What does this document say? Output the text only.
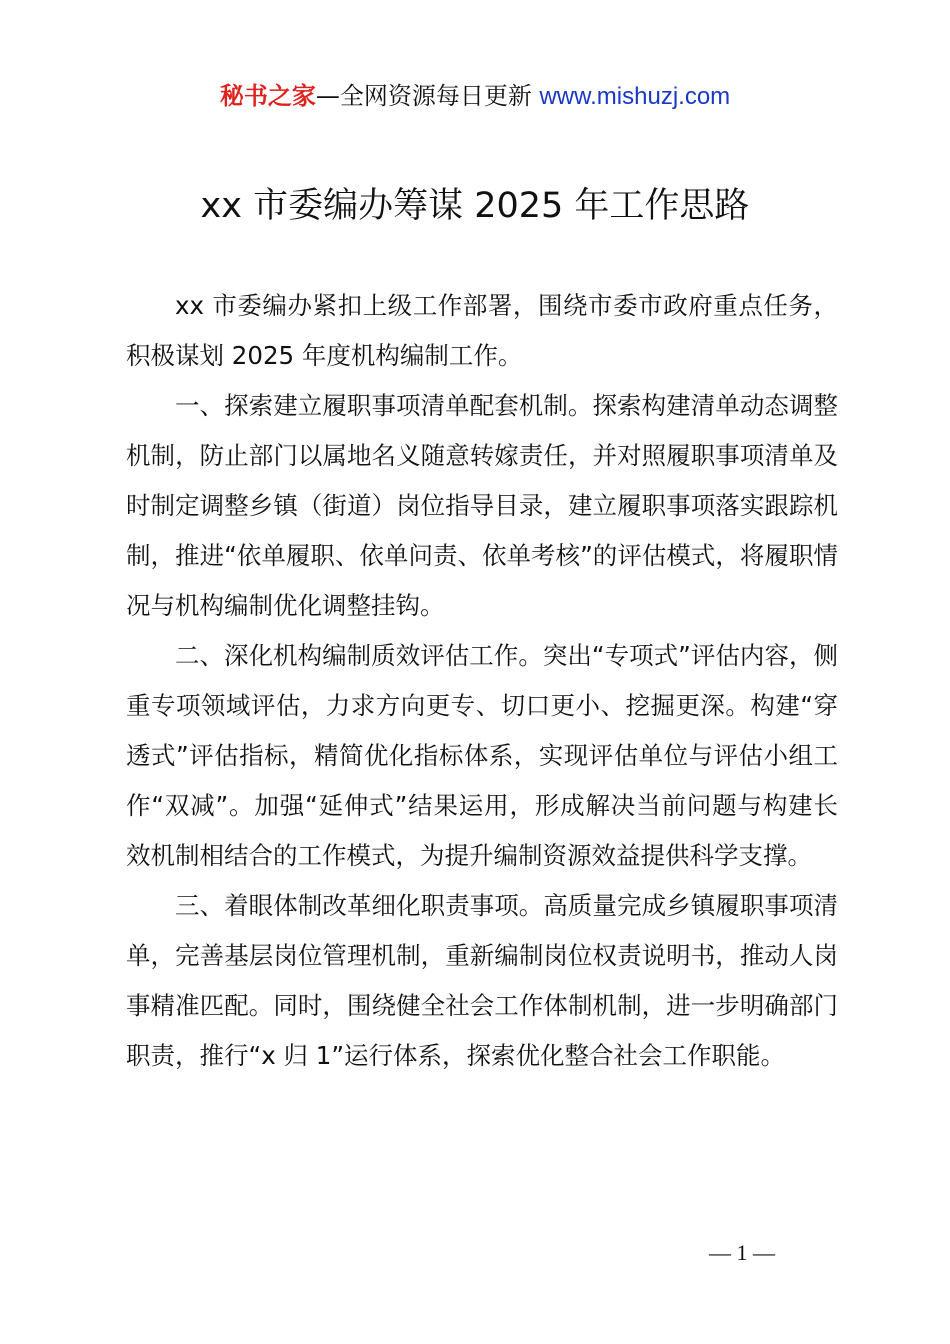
秘书之家—全网资源每日更新 www.mishuzj.com
xx 市委编办筹谋 2025 年工作思路

xx 市委编办紧扣上级工作部署，围绕市委市政府重点任务，积极谋划 2025 年度机构编制工作。

一、探索建立履职事项清单配套机制。探索构建清单动态调整机制，防止部门以属地名义随意转嫁责任，并对照履职事项清单及时制定调整乡镇（街道）岗位指导目录，建立履职事项落实跟踪机制，推进“依单履职、依单问责、依单考核”的评估模式，将履职情况与机构编制优化调整挂钩。

二、深化机构编制质效评估工作。突出“专项式”评估内容，侧重专项领域评估，力求方向更专、切口更小、挖掘更深。构建“穿透式”评估指标，精简优化指标体系，实现评估单位与评估小组工作“双减”。加强“延伸式”结果运用，形成解决当前问题与构建长效机制相结合的工作模式，为提升编制资源效益提供科学支撑。

三、着眼体制改革细化职责事项。高质量完成乡镇履职事项清单，完善基层岗位管理机制，重新编制岗位权责说明书，推动人岗事精准匹配。同时，围绕健全社会工作体制机制，进一步明确部门职责，推行“x 归 1”运行体系，探索优化整合社会工作职能。

— 1 —
